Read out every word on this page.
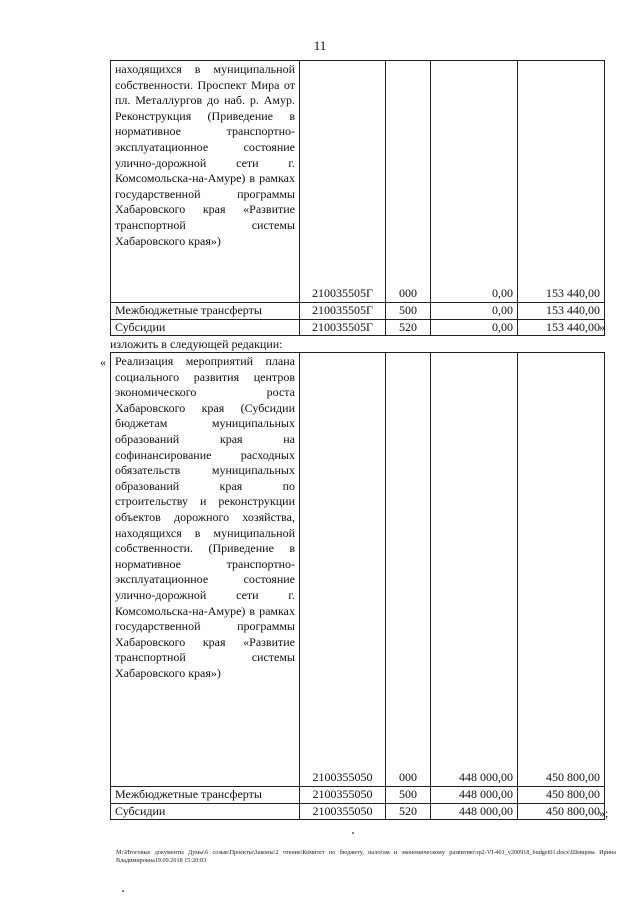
11
находящихся в муниципальной собственности. Проспект Мира от пл. Металлургов до наб. р. Амур. Реконструкция (Приведение в нормативное транспортно-эксплуатационное состояние улично-дорожной сети г. Комсомольска-на-Амуре) в рамках государственной программы Хабаровского края «Развитие транспортной системы Хабаровского края»)	210035505Г	000	0,00	153 440,00
Межбюджетные трансферты	210035505Г	500	0,00	153 440,00
Субсидии	210035505Г	520	0,00	153 440,00 »
изложить в следующей редакции:
« Реализация мероприятий плана социального развития центров экономического роста Хабаровского края (Субсидии бюджетам муниципальных образований края на софинансирование расходных обязательств муниципальных образований края по строительству и реконструкции объектов дорожного хозяйства, находящихся в муниципальной собственности. (Приведение в нормативное транспортно-эксплуатационное состояние улично-дорожной сети г. Комсомольска-на-Амуре) в рамках государственной программы Хабаровского края «Развитие транспортной системы Хабаровского края»)	2100355050	000	448 000,00	450 800,00
Межбюджетные трансферты	2100355050	500	448 000,00	450 800,00
Субсидии	2100355050	520	448 000,00	450 800,00 »;
M:\Итоговые документы Думы\6 созыв\Проекты\Законы\2 чтение\Комитет по бюджету, налогам и экономическому развитию\зр2-VI-401_v200918_budget01.docx\Шевцова Ирина Владимировна19.09.2018 15:20:03
